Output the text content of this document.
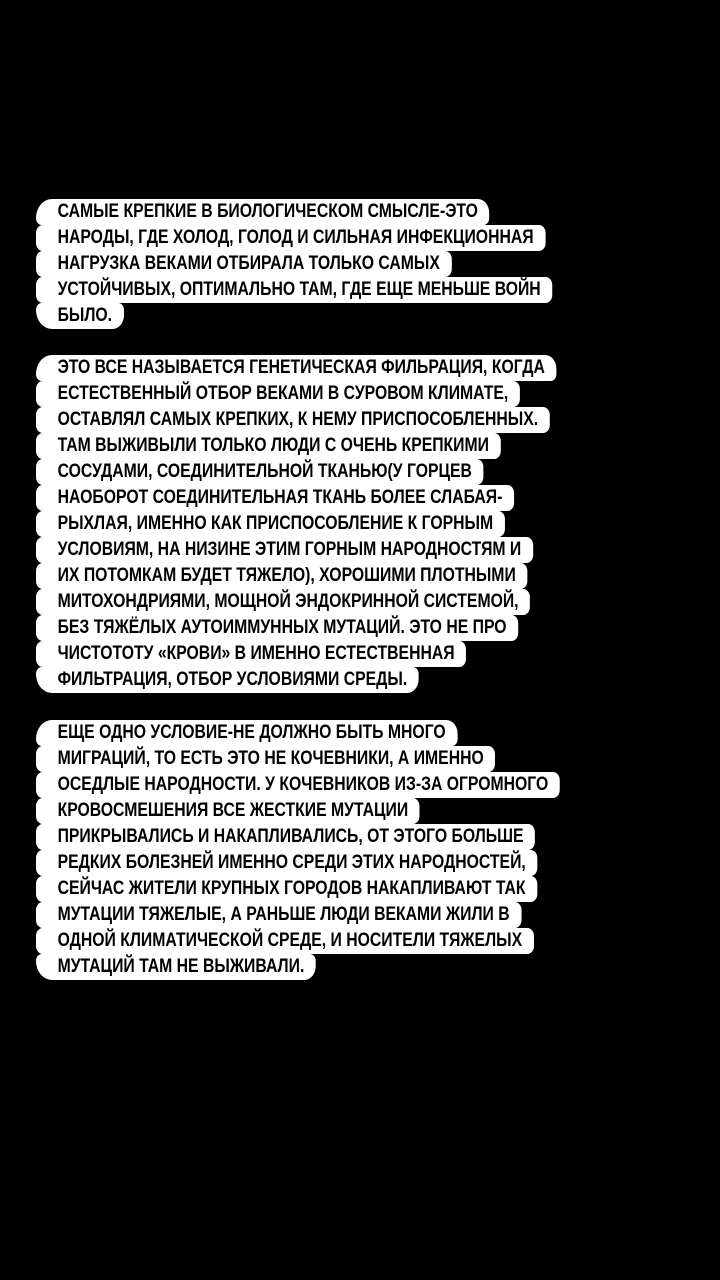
САМЫЕ КРЕПКИЕ В БИОЛОГИЧЕСКОМ СМЫСЛЕ-ЭТО
НАРОДЫ, ГДЕ ХОЛОД, ГОЛОД И СИЛЬНАЯ ИНФЕКЦИОННАЯ
НАГРУЗКА ВЕКАМИ ОТБИРАЛА ТОЛЬКО САМЫХ
УСТОЙЧИВЫХ, ОПТИМАЛЬНО ТАМ, ГДЕ ЕЩЕ МЕНЬШЕ ВОЙН
БЫЛО.
ЭТО ВСЕ НАЗЫВАЕТСЯ ГЕНЕТИЧЕСКАЯ ФИЛЬРАЦИЯ, КОГДА
ЕСТЕСТВЕННЫЙ ОТБОР ВЕКАМИ В СУРОВОМ КЛИМАТЕ,
ОСТАВЛЯЛ САМЫХ КРЕПКИХ, К НЕМУ ПРИСПОСОБЛЕННЫХ.
ТАМ ВЫЖИВЫЛИ ТОЛЬКО ЛЮДИ С ОЧЕНЬ КРЕПКИМИ
СОСУДАМИ, СОЕДИНИТЕЛЬНОЙ ТКАНЬЮ(У ГОРЦЕВ
НАОБОРОТ СОЕДИНИТЕЛЬНАЯ ТКАНЬ БОЛЕЕ СЛАБАЯ-
РЫХЛАЯ, ИМЕННО КАК ПРИСПОСОБЛЕНИЕ К ГОРНЫМ
УСЛОВИЯМ, НА НИЗИНЕ ЭТИМ ГОРНЫМ НАРОДНОСТЯМ И
ИХ ПОТОМКАМ БУДЕТ ТЯЖЕЛО), ХОРОШИМИ ПЛОТНЫМИ
МИТОХОНДРИЯМИ, МОЩНОЙ ЭНДОКРИННОЙ СИСТЕМОЙ,
БЕЗ ТЯЖЁЛЫХ АУТОИММУННЫХ МУТАЦИЙ. ЭТО НЕ ПРО
ЧИСТОТОТУ «КРОВИ» В ИМЕННО ЕСТЕСТВЕННАЯ
ФИЛЬТРАЦИЯ, ОТБОР УСЛОВИЯМИ СРЕДЫ.
ЕЩЕ ОДНО УСЛОВИЕ-НЕ ДОЛЖНО БЫТЬ МНОГО
МИГРАЦИЙ, ТО ЕСТЬ ЭТО НЕ КОЧЕВНИКИ, А ИМЕННО
ОСЕДЛЫЕ НАРОДНОСТИ. У КОЧЕВНИКОВ ИЗ-ЗА ОГРОМНОГО
КРОВОСМЕШЕНИЯ ВСЕ ЖЕСТКИЕ МУТАЦИИ
ПРИКРЫВАЛИСЬ И НАКАПЛИВАЛИСЬ, ОТ ЭТОГО БОЛЬШЕ
РЕДКИХ БОЛЕЗНЕЙ ИМЕННО СРЕДИ ЭТИХ НАРОДНОСТЕЙ,
СЕЙЧАС ЖИТЕЛИ КРУПНЫХ ГОРОДОВ НАКАПЛИВАЮТ ТАК
МУТАЦИИ ТЯЖЕЛЫЕ, А РАНЬШЕ ЛЮДИ ВЕКАМИ ЖИЛИ В
ОДНОЙ КЛИМАТИЧЕСКОЙ СРЕДЕ, И НОСИТЕЛИ ТЯЖЕЛЫХ
МУТАЦИЙ ТАМ НЕ ВЫЖИВАЛИ.
